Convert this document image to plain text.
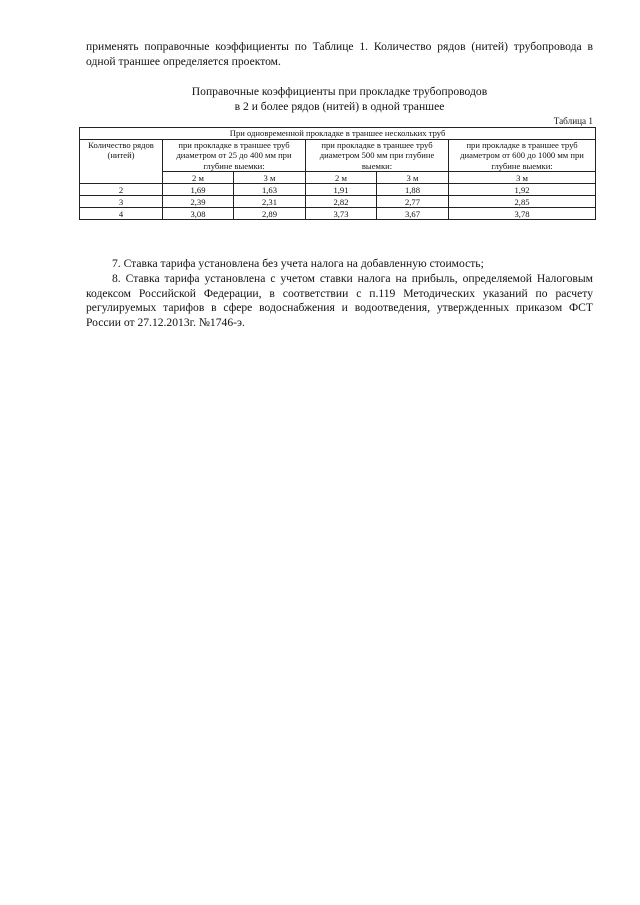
применять поправочные коэффициенты по Таблице 1. Количество рядов (нитей) трубопровода в одной траншее определяется проектом.
Поправочные коэффициенты при прокладке трубопроводов
в 2 и более рядов (нитей) в одной траншее
Таблица 1
При одновременной прокладке в траншее нескольких труб					
Количество рядов (нитей)	при прокладке в траншее труб диаметром от 25 до 400 мм при глубине выемки:		при прокладке в траншее труб диаметром 500 мм при глубине выемки:		при прокладке в траншее труб диаметром от 600 до 1000 мм при глубине выемки:
	2 м	3 м	2 м	3 м	3 м
2	1,69	1,63	1,91	1,88	1,92
3	2,39	2,31	2,82	2,77	2,85
4	3,08	2,89	3,73	3,67	3,78
7. Ставка тарифа установлена без учета налога на добавленную стоимость;
8. Ставка тарифа установлена с учетом ставки налога на прибыль, определяемой Налоговым кодексом Российской Федерации, в соответствии с п.119 Методических указаний по расчету регулируемых тарифов в сфере водоснабжения и водоотведения, утвержденных приказом ФСТ России от 27.12.2013г. №1746-э.
